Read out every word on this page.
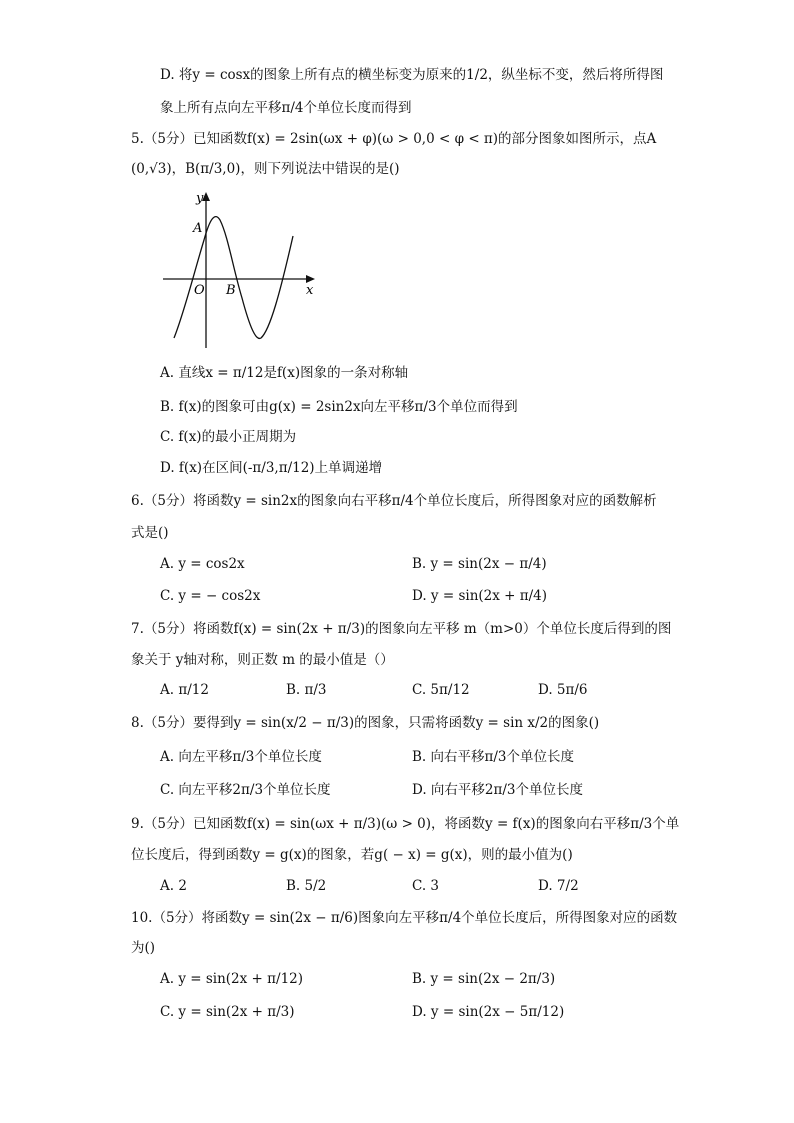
D. 将y = cosx的图象上所有点的横坐标变为原来的1/2，纵坐标不变，然后将所得图
象上所有点向左平移π/4个单位长度而得到
5.（5分）已知函数f(x) = 2sin(ωx + φ)(ω > 0,0 < φ < π)的部分图象如图所示，点A
(0,√3)，B(π/3,0)，则下列说法中错误的是()
y
A
O B	x
A. 直线x = π/12是f(x)图象的一条对称轴
B. f(x)的图象可由g(x) = 2sin2x向左平移π/3个单位而得到
C. f(x)的最小正周期为
D. f(x)在区间(-π/3,π/12)上单调递增
6.（5分）将函数y = sin2x的图象向右平移π/4个单位长度后，所得图象对应的函数解析
式是()
A. y = cos2x	B. y = sin(2x − π/4)
C. y = − cos2x	D. y = sin(2x + π/4)
7.（5分）将函数f(x) = sin(2x + π/3)的图象向左平移 m（m>0）个单位长度后得到的图
象关于 y轴对称，则正数 m 的最小值是（）
A. π/12	B. π/3	C. 5π/12	D. 5π/6
8.（5分）要得到y = sin(x/2 − π/3)的图象，只需将函数y = sin x/2的图象()
A. 向左平移π/3个单位长度	B. 向右平移π/3个单位长度
C. 向左平移2π/3个单位长度	D. 向右平移2π/3个单位长度
9.（5分）已知函数f(x) = sin(ωx + π/3)(ω > 0)，将函数y = f(x)的图象向右平移π/3个单
位长度后，得到函数y = g(x)的图象，若g( − x) = g(x)，则的最小值为()
A. 2	B. 5/2	C. 3	D. 7/2
10.（5分）将函数y = sin(2x − π/6)图象向左平移π/4个单位长度后，所得图象对应的函数
为()
A. y = sin(2x + π/12)	B. y = sin(2x − 2π/3)
C. y = sin(2x + π/3)	D. y = sin(2x − 5π/12)
